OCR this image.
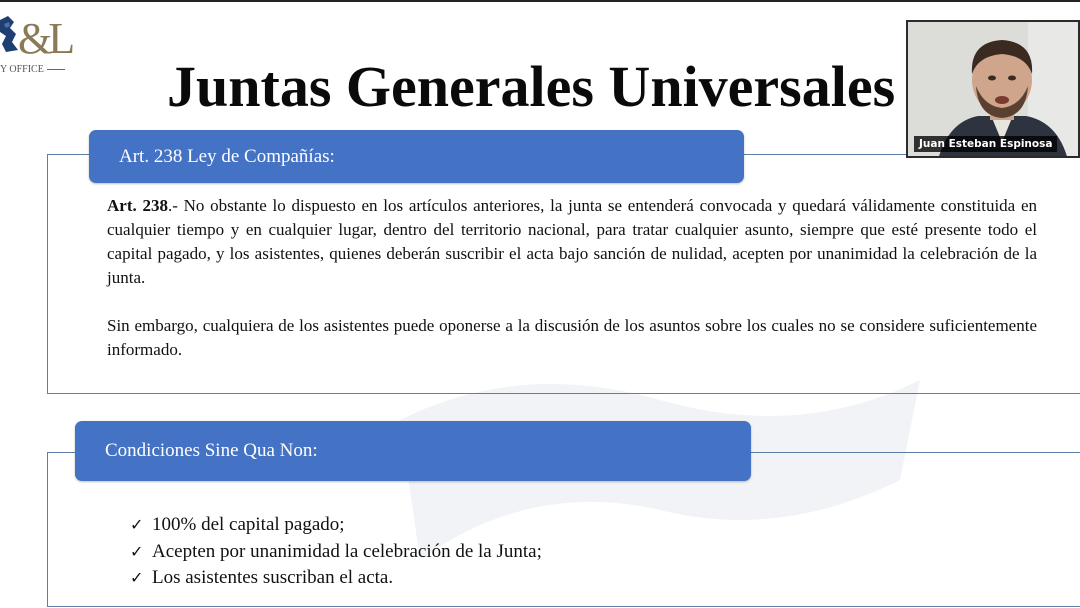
&L
Y OFFICE	Juntas Generales Universales
Art. 238 Ley de Compañías:

Art. 238.- No obstante lo dispuesto en los artículos anteriores, la junta se entenderá convocada y quedará válidamente constituida en cualquier tiempo y en cualquier lugar, dentro del territorio nacional, para tratar cualquier asunto, siempre que esté presente todo el capital pagado, y los asistentes, quienes deberán suscribir el acta bajo sanción de nulidad, acepten por unanimidad la celebración de la junta.

Sin embargo, cualquiera de los asistentes puede oponerse a la discusión de los asuntos sobre los cuales no se considere suficientemente informado.

Condiciones Sine Qua Non:
✓ 100% del capital pagado;
✓ Acepten por unanimidad la celebración de la Junta;
✓ Los asistentes suscriban el acta.
Juan Esteban Espinosa
